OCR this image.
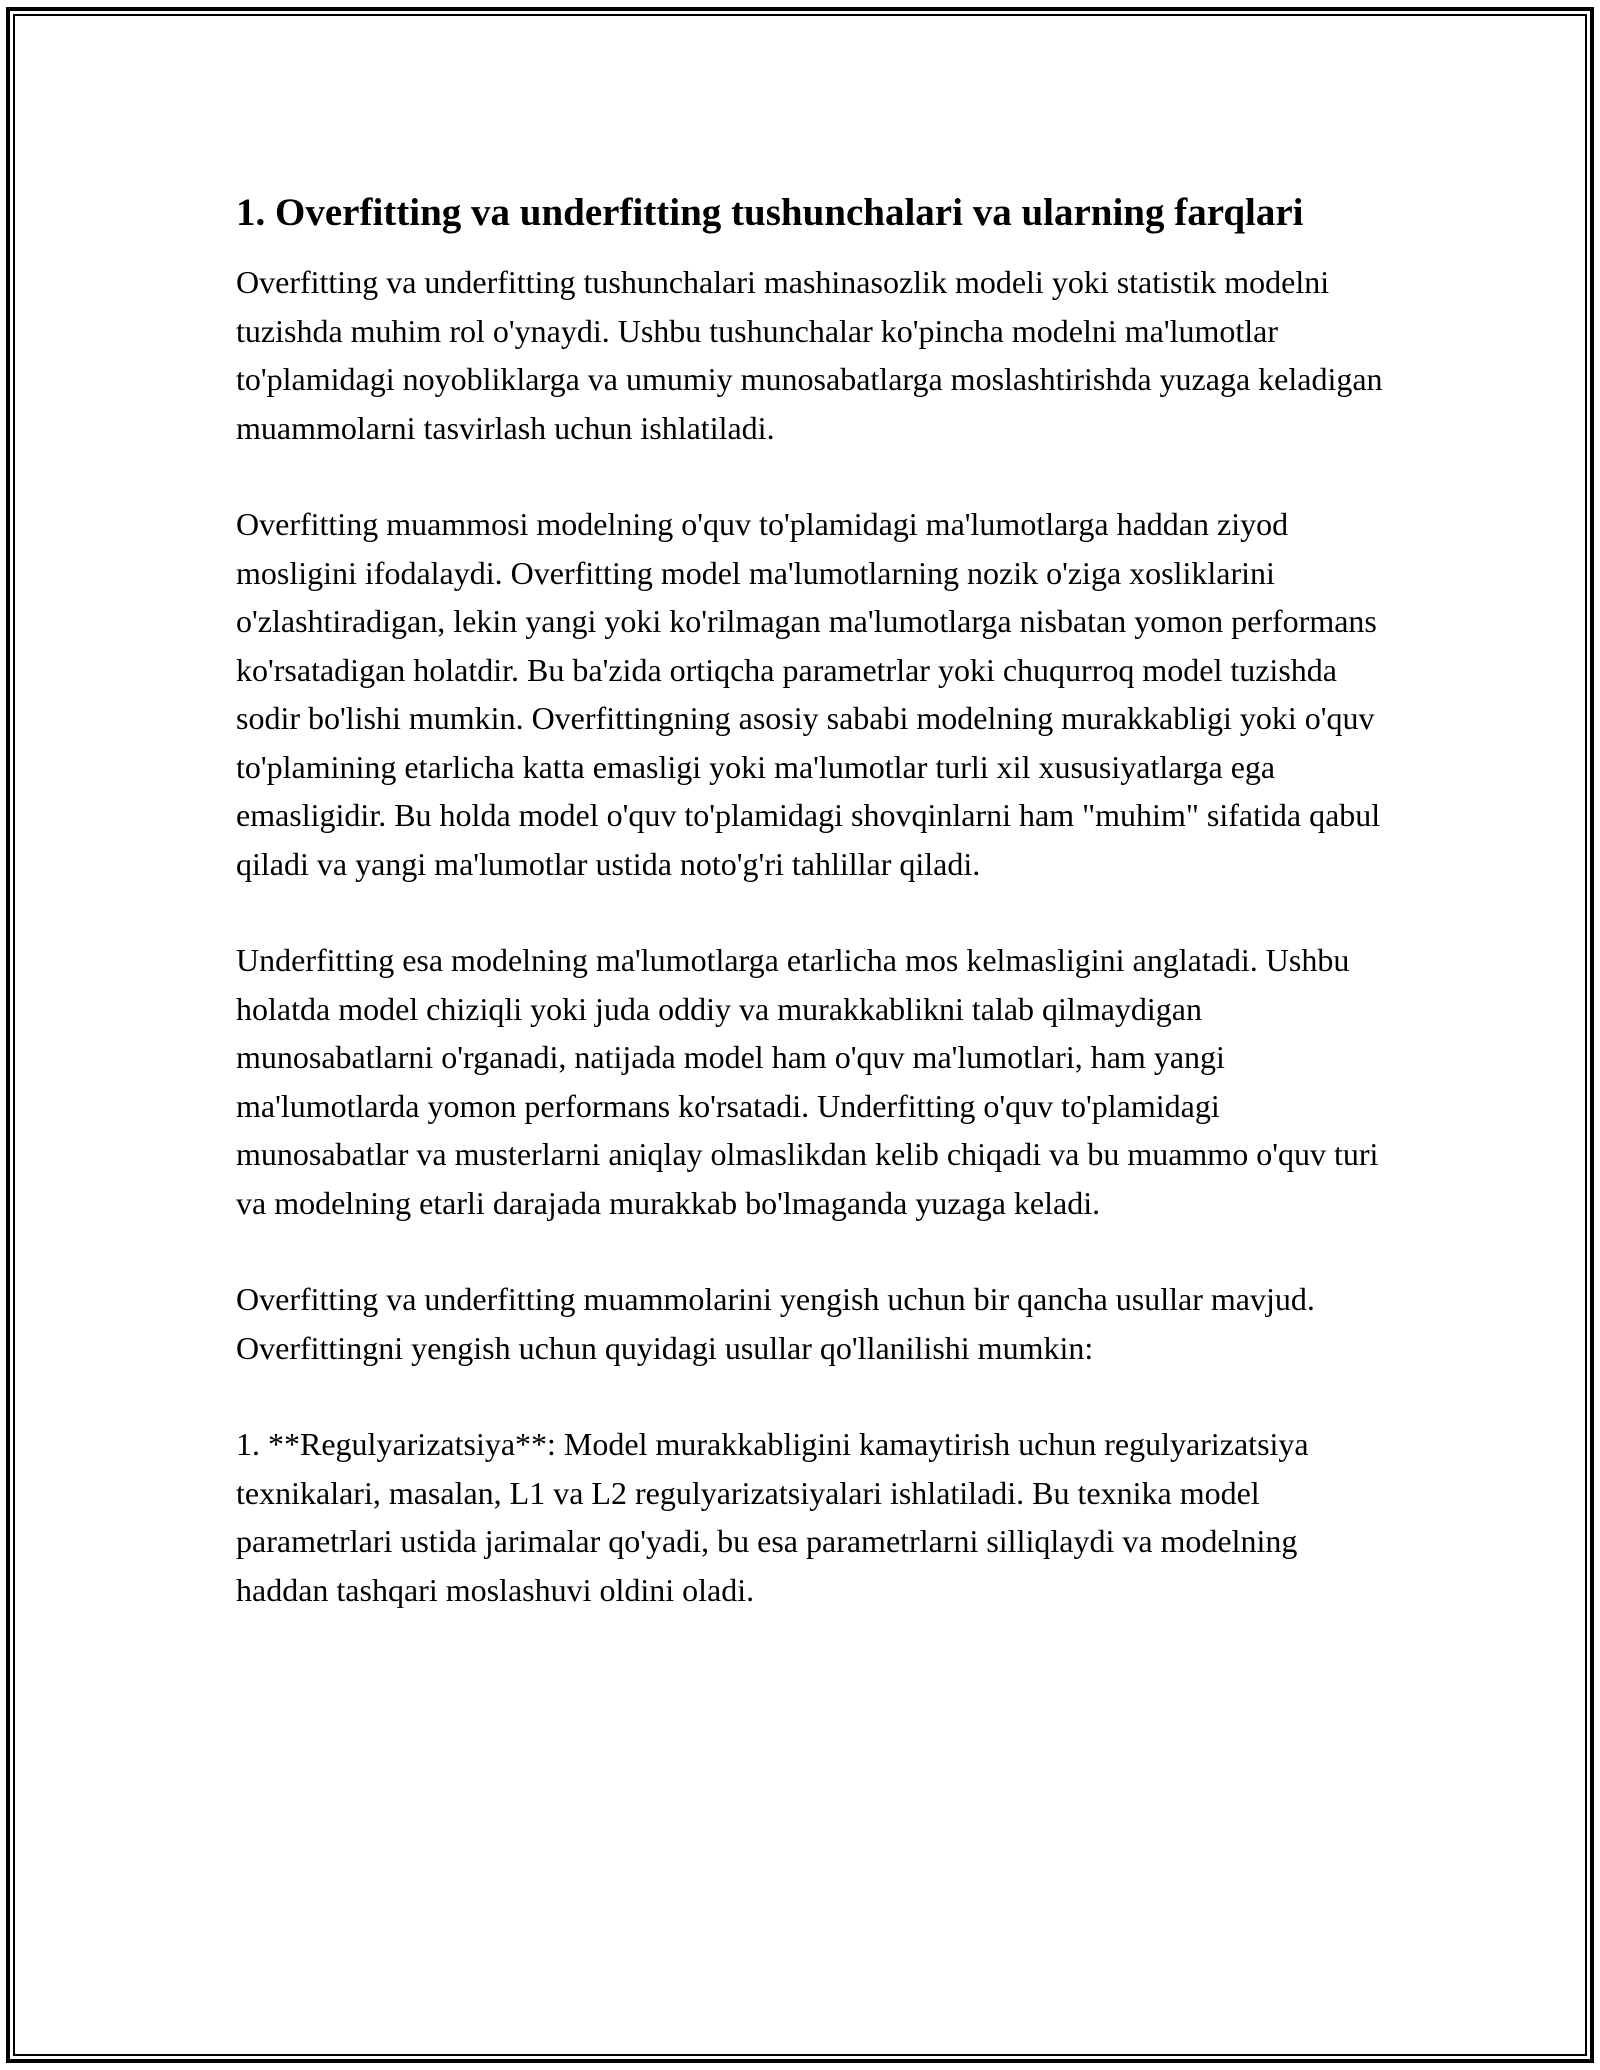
1. Overfitting va underfitting tushunchalari va ularning farqlari

Overfitting va underfitting tushunchalari mashinasozlik modeli yoki statistik modelni tuzishda muhim rol o'ynaydi. Ushbu tushunchalar ko'pincha modelni ma'lumotlar to'plamidagi noyobliklarga va umumiy munosabatlarga moslashtirishda yuzaga keladigan muammolarni tasvirlash uchun ishlatiladi.

Overfitting muammosi modelning o'quv to'plamidagi ma'lumotlarga haddan ziyod mosligini ifodalaydi. Overfitting model ma'lumotlarning nozik o'ziga xosliklarini o'zlashtiradigan, lekin yangi yoki ko'rilmagan ma'lumotlarga nisbatan yomon performans ko'rsatadigan holatdir. Bu ba'zida ortiqcha parametrlar yoki chuqurroq model tuzishda sodir bo'lishi mumkin. Overfittingning asosiy sababi modelning murakkabligi yoki o'quv to'plamining etarlicha katta emasligi yoki ma'lumotlar turli xil xususiyatlarga ega emasligidir. Bu holda model o'quv to'plamidagi shovqinlarni ham "muhim" sifatida qabul qiladi va yangi ma'lumotlar ustida noto'g'ri tahlillar qiladi.

Underfitting esa modelning ma'lumotlarga etarlicha mos kelmasligini anglatadi. Ushbu holatda model chiziqli yoki juda oddiy va murakkablikni talab qilmaydigan munosabatlarni o'rganadi, natijada model ham o'quv ma'lumotlari, ham yangi ma'lumotlarda yomon performans ko'rsatadi. Underfitting o'quv to'plamidagi munosabatlar va musterlarni aniqlay olmaslikdan kelib chiqadi va bu muammo o'quv turi va modelning etarli darajada murakkab bo'lmaganda yuzaga keladi.

Overfitting va underfitting muammolarini yengish uchun bir qancha usullar mavjud. Overfittingni yengish uchun quyidagi usullar qo'llanilishi mumkin:

1. **Regulyarizatsiya**: Model murakkabligini kamaytirish uchun regulyarizatsiya texnikalari, masalan, L1 va L2 regulyarizatsiyalari ishlatiladi. Bu texnika model parametrlari ustida jarimalar qo'yadi, bu esa parametrlarni silliqlaydi va modelning haddan tashqari moslashuvi oldini oladi.
